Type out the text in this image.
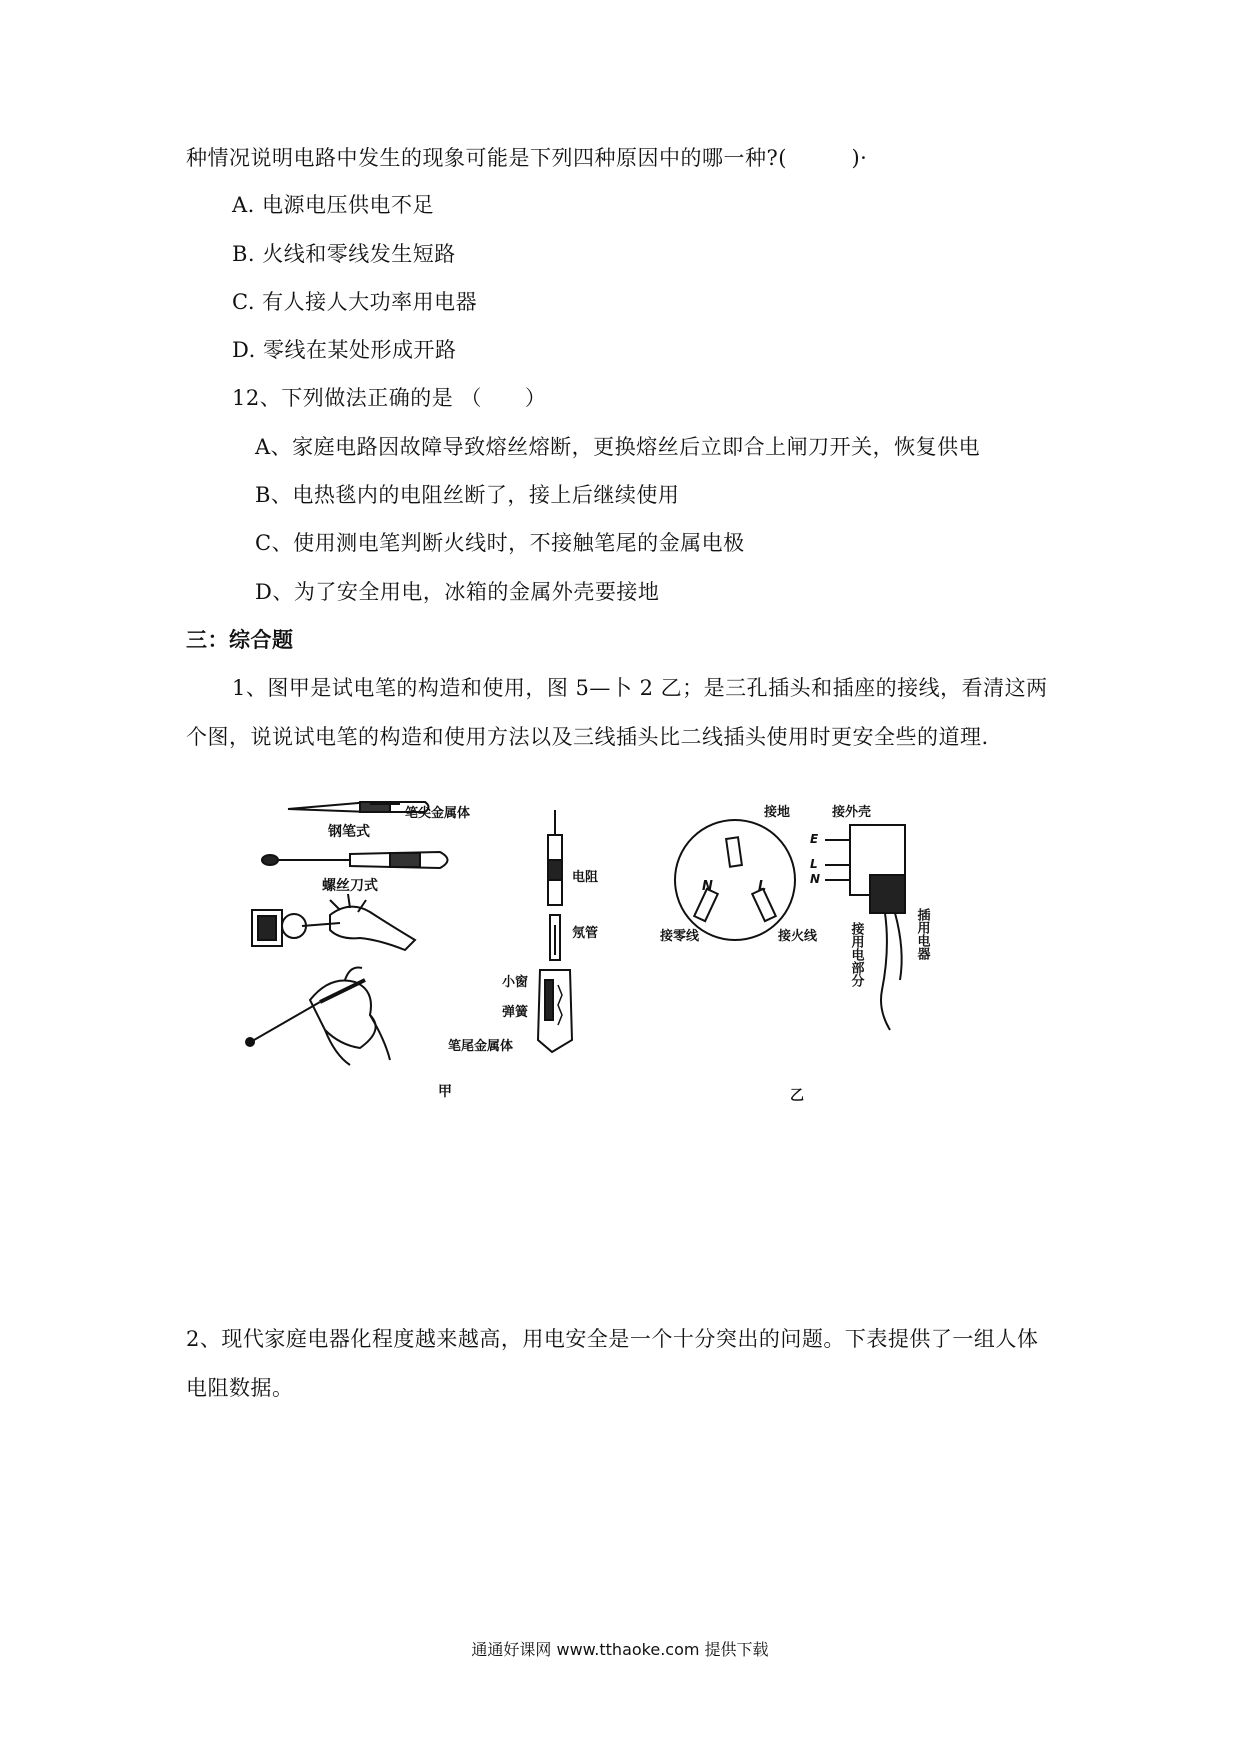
种情况说明电路中发生的现象可能是下列四种原因中的哪一种?(　　　)·
A. 电源电压供电不足
B. 火线和零线发生短路
C. 有人接人大功率用电器
D. 零线在某处形成开路
12、下列做法正确的是 （　　）
A、家庭电路因故障导致熔丝熔断，更换熔丝后立即合上闸刀开关，恢复供电
B、电热毯内的电阻丝断了，接上后继续使用
C、使用测电笔判断火线时，不接触笔尾的金属电极
D、为了安全用电，冰箱的金属外壳要接地
三：综合题
1、图甲是试电笔的构造和使用，图 5—卜 2 乙；是三孔插头和插座的接线，看清这两
个图，说说试电笔的构造和使用方法以及三线插头比二线插头使用时更安全些的道理.
钢笔式
螺丝刀式
笔尖金属体
电阻
氖管
小窗
弹簧
笔尾金属体
甲
接地
N	L
接零线	接火线
接外壳
E
L
N
接用电部分	插用电器
乙
2、现代家庭电器化程度越来越高，用电安全是一个十分突出的问题。下表提供了一组人体
电阻数据。
通通好课网 www.tthaoke.com 提供下载
